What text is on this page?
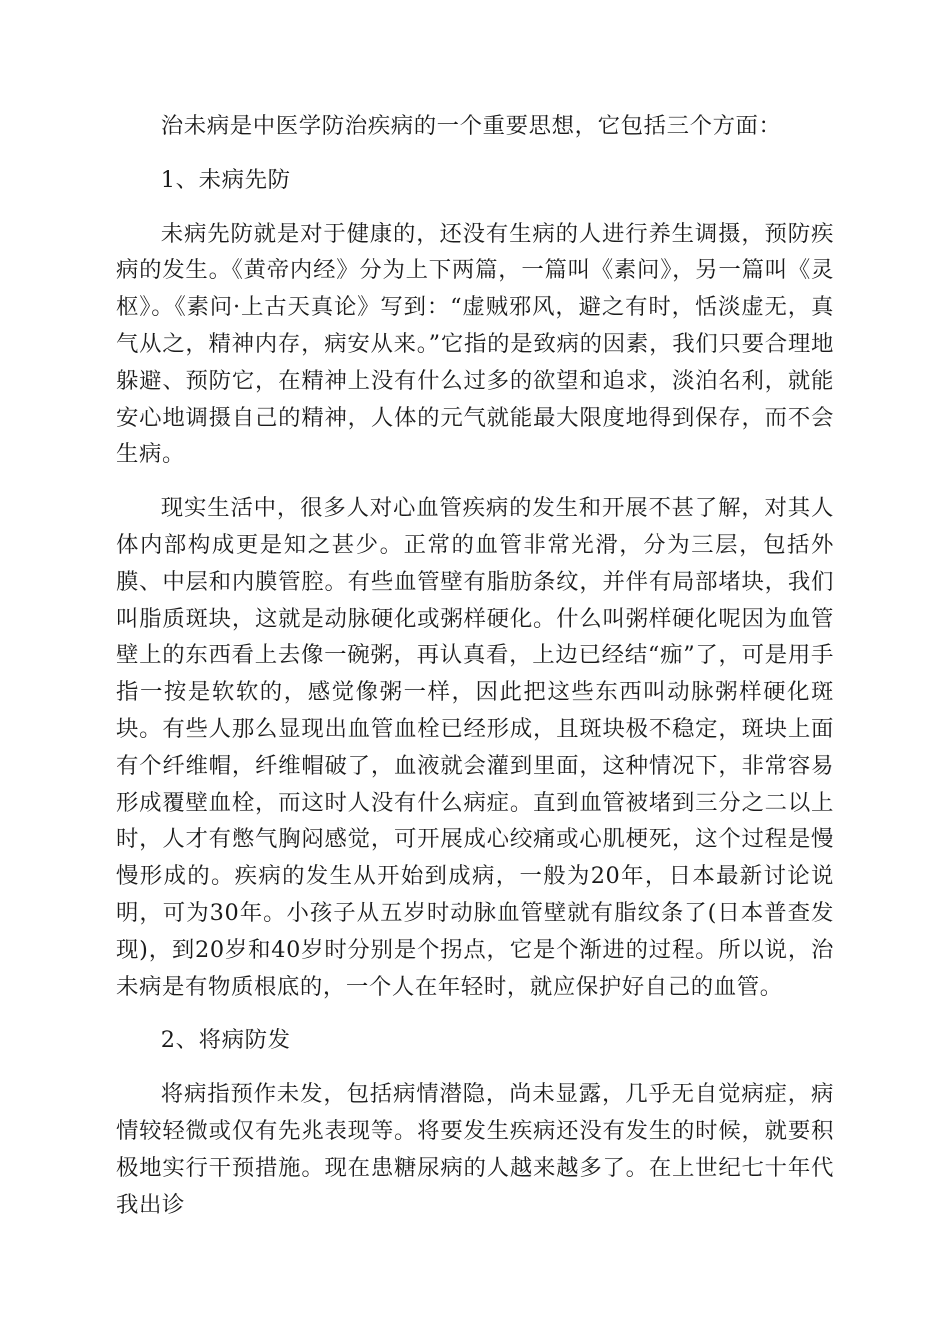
治未病是中医学防治疾病的一个重要思想，它包括三个方面：

1、未病先防

未病先防就是对于健康的，还没有生病的人进行养生调摄，预防疾病的发生。《黄帝内经》分为上下两篇，一篇叫《素问》，另一篇叫《灵枢》。《素问·上古天真论》写到：“虚贼邪风，避之有时，恬淡虚无，真气从之，精神内存，病安从来。”它指的是致病的因素，我们只要合理地躲避、预防它，在精神上没有什么过多的欲望和追求，淡泊名利，就能安心地调摄自己的精神，人体的元气就能最大限度地得到保存，而不会生病。

现实生活中，很多人对心血管疾病的发生和开展不甚了解，对其人体内部构成更是知之甚少。正常的血管非常光滑，分为三层，包括外膜、中层和内膜管腔。有些血管壁有脂肪条纹，并伴有局部堵块，我们叫脂质斑块，这就是动脉硬化或粥样硬化。什么叫粥样硬化呢因为血管壁上的东西看上去像一碗粥，再认真看，上边已经结“痂”了，可是用手指一按是软软的，感觉像粥一样，因此把这些东西叫动脉粥样硬化斑块。有些人那么显现出血管血栓已经形成，且斑块极不稳定，斑块上面有个纤维帽，纤维帽破了，血液就会灌到里面，这种情况下，非常容易形成覆壁血栓，而这时人没有什么病症。直到血管被堵到三分之二以上时，人才有憋气胸闷感觉，可开展成心绞痛或心肌梗死，这个过程是慢慢形成的。疾病的发生从开始到成病，一般为20年，日本最新讨论说明，可为30年。小孩子从五岁时动脉血管壁就有脂纹条了(日本普查发现)，到20岁和40岁时分别是个拐点，它是个渐进的过程。所以说，治未病是有物质根底的，一个人在年轻时，就应保护好自己的血管。

2、将病防发

将病指预作未发，包括病情潜隐，尚未显露，几乎无自觉病症，病情较轻微或仅有先兆表现等。将要发生疾病还没有发生的时候，就要积极地实行干预措施。现在患糖尿病的人越来越多了。在上世纪七十年代我出诊
